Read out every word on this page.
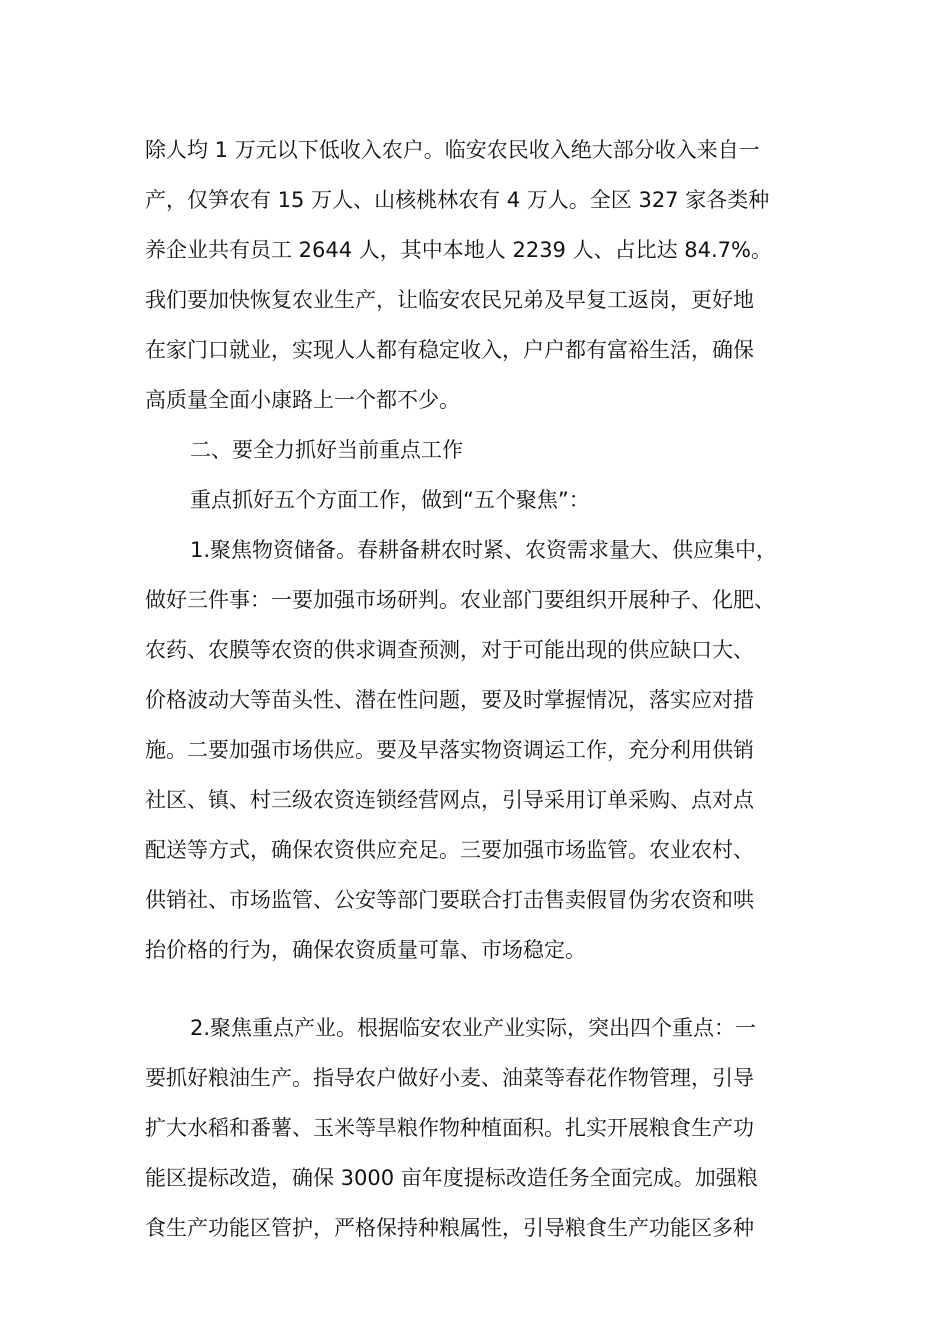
除人均 1 万元以下低收入农户。临安农民收入绝大部分收入来自一
产，仅笋农有 15 万人、山核桃林农有 4 万人。全区 327 家各类种
养企业共有员工 2644 人，其中本地人 2239 人、占比达 84.7%。
我们要加快恢复农业生产，让临安农民兄弟及早复工返岗，更好地
在家门口就业，实现人人都有稳定收入，户户都有富裕生活，确保
高质量全面小康路上一个都不少。
二、要全力抓好当前重点工作
重点抓好五个方面工作，做到“五个聚焦”：
1.聚焦物资储备。春耕备耕农时紧、农资需求量大、供应集中，
做好三件事：一要加强市场研判。农业部门要组织开展种子、化肥、
农药、农膜等农资的供求调查预测，对于可能出现的供应缺口大、
价格波动大等苗头性、潜在性问题，要及时掌握情况，落实应对措
施。二要加强市场供应。要及早落实物资调运工作，充分利用供销
社区、镇、村三级农资连锁经营网点，引导采用订单采购、点对点
配送等方式，确保农资供应充足。三要加强市场监管。农业农村、
供销社、市场监管、公安等部门要联合打击售卖假冒伪劣农资和哄
抬价格的行为，确保农资质量可靠、市场稳定。
2.聚焦重点产业。根据临安农业产业实际，突出四个重点：一
要抓好粮油生产。指导农户做好小麦、油菜等春花作物管理，引导
扩大水稻和番薯、玉米等旱粮作物种植面积。扎实开展粮食生产功
能区提标改造，确保 3000 亩年度提标改造任务全面完成。加强粮
食生产功能区管护，严格保持种粮属性，引导粮食生产功能区多种
